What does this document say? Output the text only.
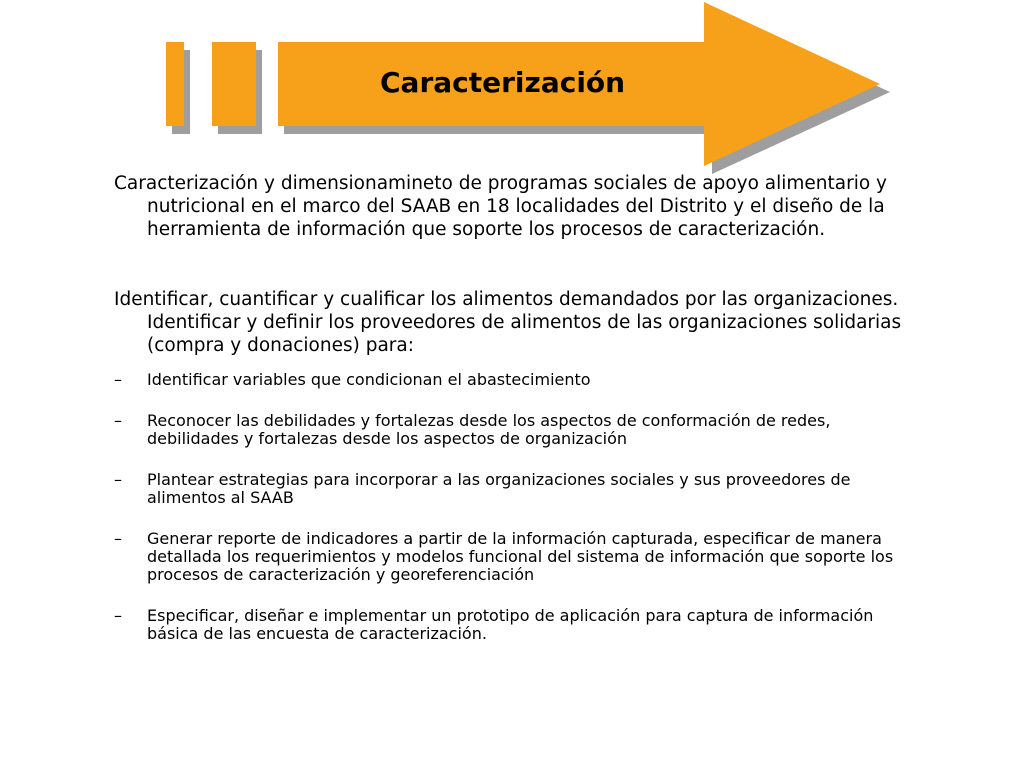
Caracterización

Caracterización y dimensionamineto de programas sociales de apoyo alimentario y nutricional en el marco del SAAB en 18 localidades del Distrito y el diseño de la herramienta de información que soporte los procesos de caracterización.

Identificar, cuantificar y cualificar los alimentos demandados por las organizaciones. Identificar y definir los proveedores de alimentos de las organizaciones solidarias (compra y donaciones) para:

– Identificar variables que condicionan el abastecimiento
– Reconocer las debilidades y fortalezas desde los aspectos de conformación de redes, debilidades y fortalezas desde los aspectos de organización
– Plantear estrategias para incorporar a las organizaciones sociales y sus proveedores de alimentos al SAAB
– Generar reporte de indicadores a partir de la información capturada, especificar de manera detallada los requerimientos y modelos funcional del sistema de información que soporte los procesos de caracterización y georeferenciación
– Especificar, diseñar e implementar un prototipo de aplicación para captura de información básica de las encuesta de caracterización.
